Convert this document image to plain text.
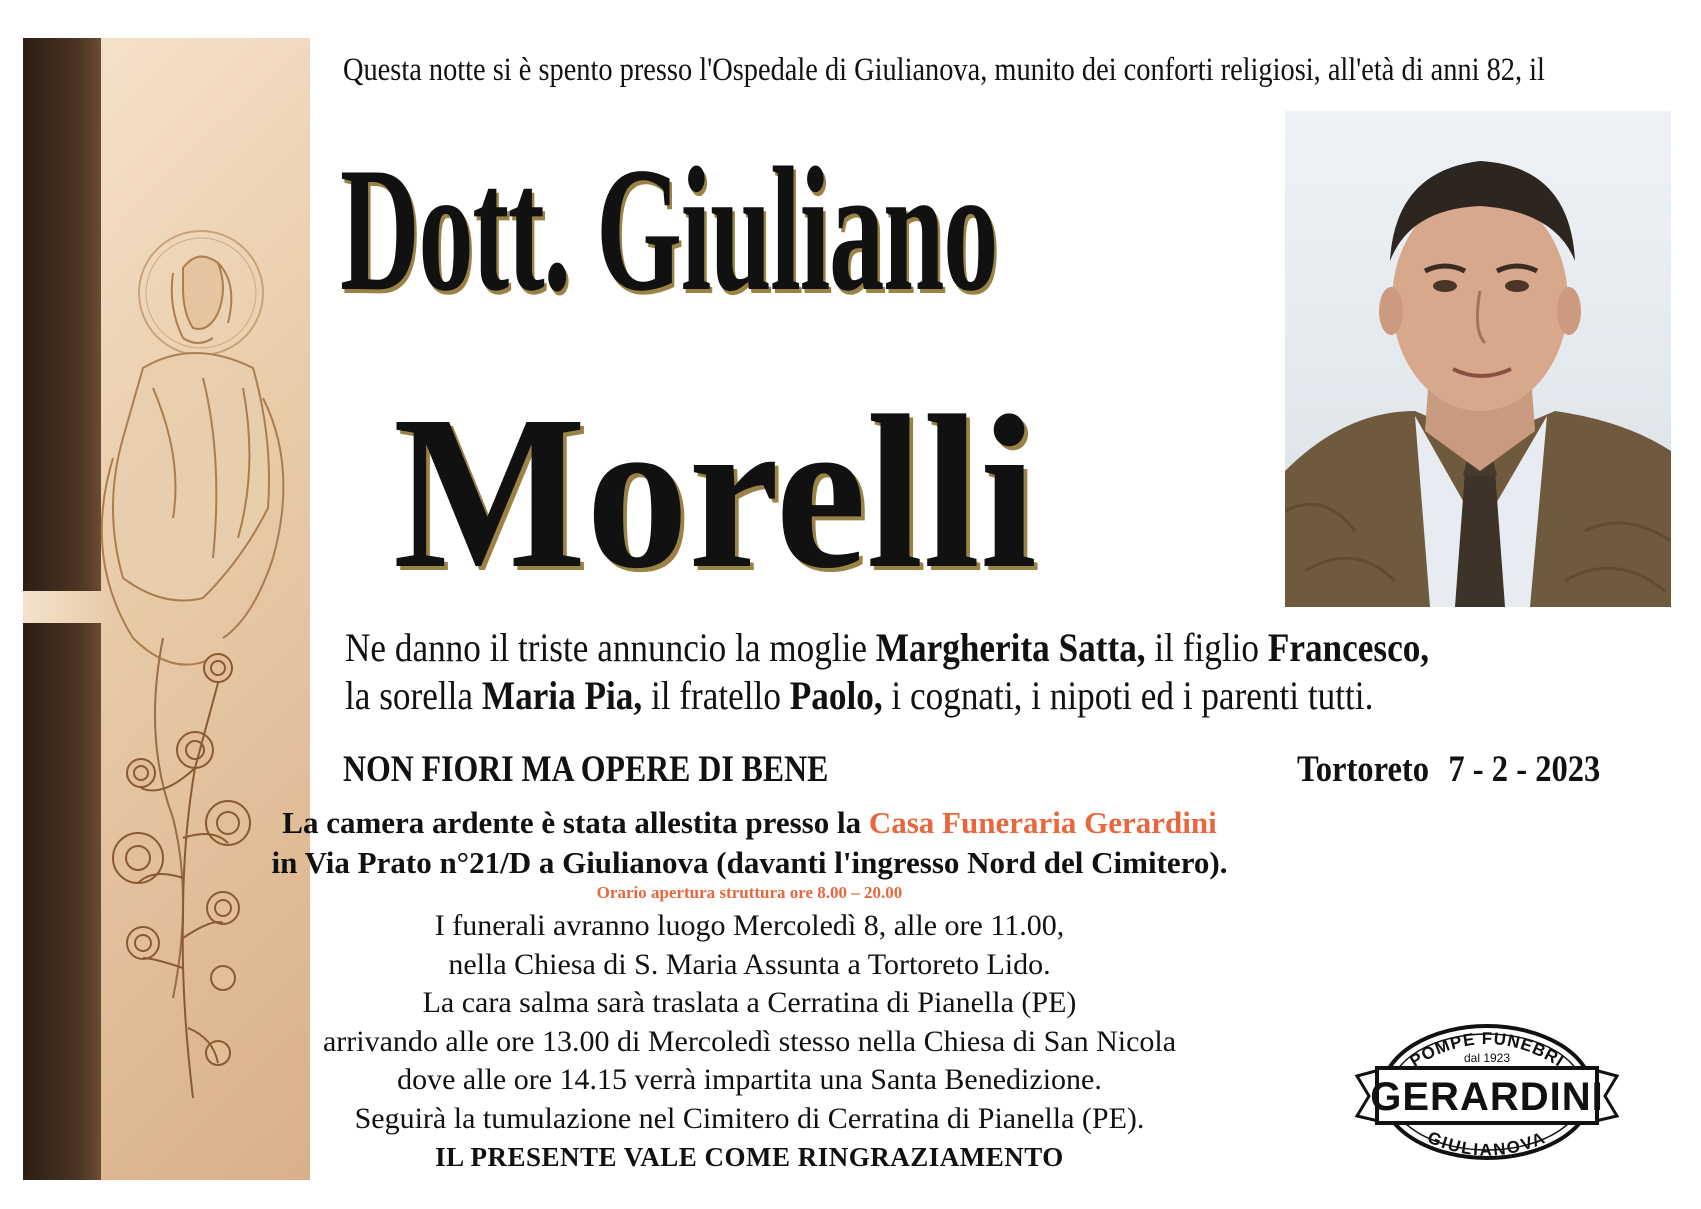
Questa notte si è spento presso l'Ospedale di Giulianova, munito dei conforti religiosi, all'età di anni 82, il
Dott. Giuliano
Morelli
Ne danno il triste annuncio la moglie Margherita Satta, il figlio Francesco,
la sorella Maria Pia, il fratello Paolo, i cognati, i nipoti ed i parenti tutti.
NON FIORI MA OPERE DI BENE	Tortoreto 7 - 2 - 2023
La camera ardente è stata allestita presso la Casa Funeraria Gerardini
in Via Prato n°21/D a Giulianova (davanti l'ingresso Nord del Cimitero).
Orario apertura struttura ore 8.00 – 20.00
I funerali avranno luogo Mercoledì 8, alle ore 11.00,
nella Chiesa di S. Maria Assunta a Tortoreto Lido.
La cara salma sarà traslata a Cerratina di Pianella (PE)
arrivando alle ore 13.00 di Mercoledì stesso nella Chiesa di San Nicola
dove alle ore 14.15 verrà impartita una Santa Benedizione.
Seguirà la tumulazione nel Cimitero di Cerratina di Pianella (PE).
IL PRESENTE VALE COME RINGRAZIAMENTO
POMPE FUNEBRI
dal 1923
GERARDINI
GIULIANOVA
